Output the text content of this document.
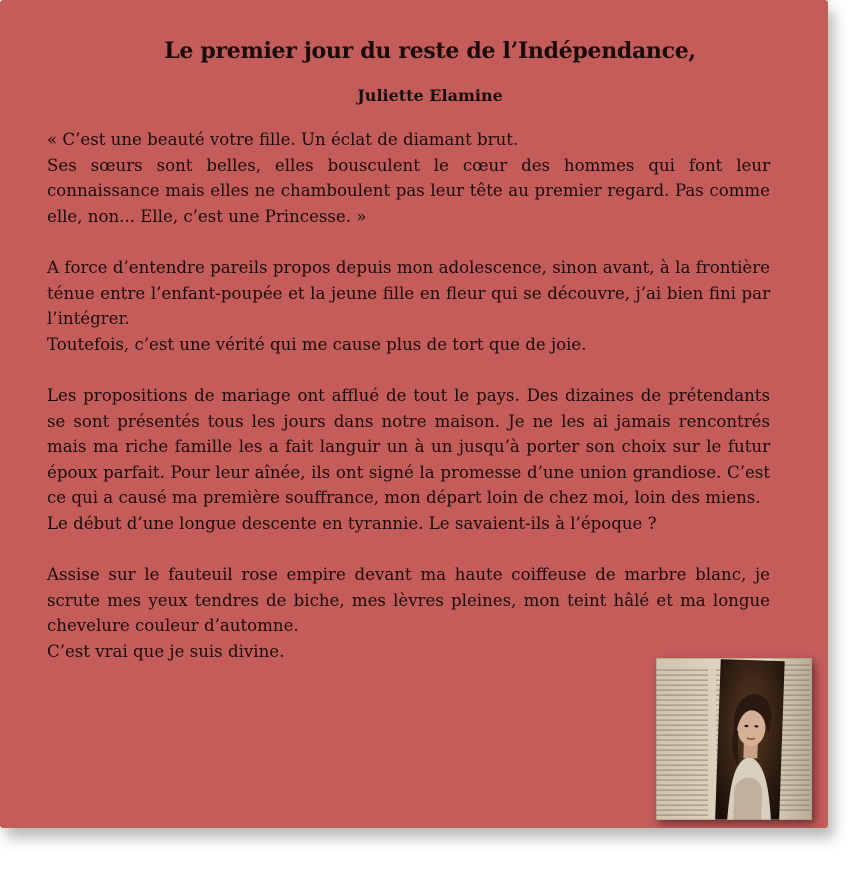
Le premier jour du reste de l’Indépendance,
Juliette Elamine

« C’est une beauté votre fille. Un éclat de diamant brut.
Ses sœurs sont belles, elles bousculent le cœur des hommes qui font leur connaissance mais elles ne chamboulent pas leur tête au premier regard. Pas comme elle, non... Elle, c’est une Princesse. »

A force d’entendre pareils propos depuis mon adolescence, sinon avant, à la frontière ténue entre l’enfant-poupée et la jeune fille en fleur qui se découvre, j’ai bien fini par l’intégrer.
Toutefois, c’est une vérité qui me cause plus de tort que de joie.

Les propositions de mariage ont afflué de tout le pays. Des dizaines de prétendants se sont présentés tous les jours dans notre maison. Je ne les ai jamais rencontrés mais ma riche famille les a fait languir un à un jusqu’à porter son choix sur le futur époux parfait. Pour leur aînée, ils ont signé la promesse d’une union grandiose. C’est ce qui a causé ma première souffrance, mon départ loin de chez moi, loin des miens.
Le début d’une longue descente en tyrannie. Le savaient-ils à l’époque ?

Assise sur le fauteuil rose empire devant ma haute coiffeuse de marbre blanc, je scrute mes yeux tendres de biche, mes lèvres pleines, mon teint hâlé et ma longue chevelure couleur d’automne.
C’est vrai que je suis divine.
